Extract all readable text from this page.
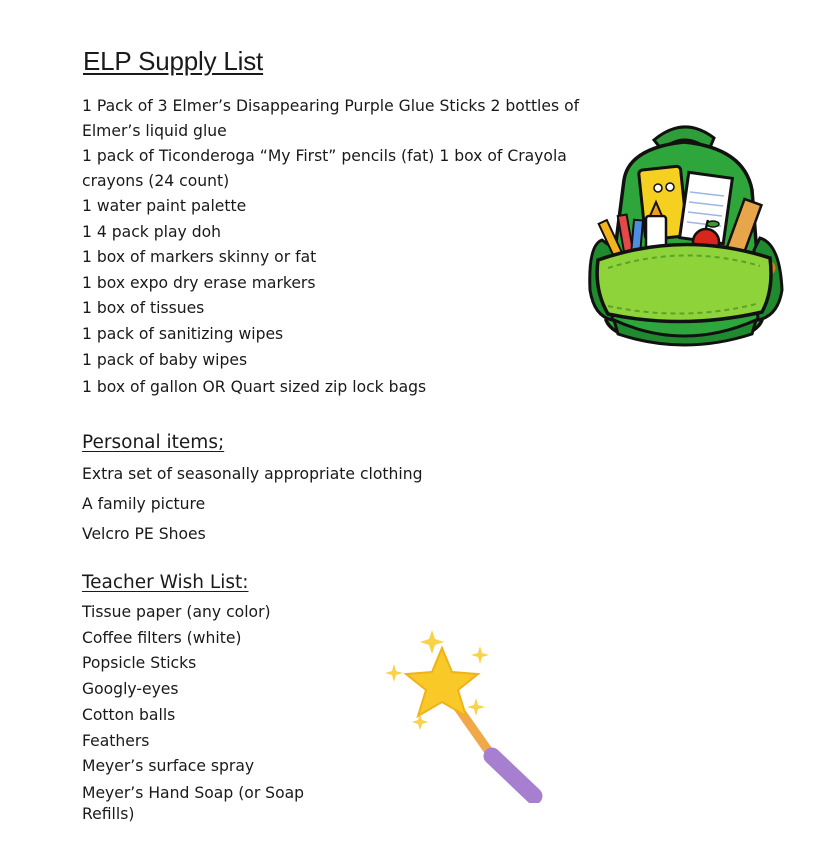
ELP Supply List
1 Pack of 3 Elmer’s Disappearing Purple Glue Sticks 2 bottles of Elmer’s liquid glue
1 pack of Ticonderoga “My First” pencils (fat) 1 box of Crayola crayons (24 count)
1 water paint palette
1 4 pack play doh
1 box of markers skinny or fat
1 box expo dry erase markers
1 box of tissues
1 pack of sanitizing wipes
1 pack of baby wipes
1 box of gallon OR Quart sized zip lock bags
Personal items;
Extra set of seasonally appropriate clothing
A family picture
Velcro PE Shoes
Teacher Wish List:
Tissue paper (any color)
Coffee filters (white)
Popsicle Sticks
Googly-eyes
Cotton balls
Feathers
Meyer’s surface spray
Meyer’s Hand Soap (or Soap Refills)
